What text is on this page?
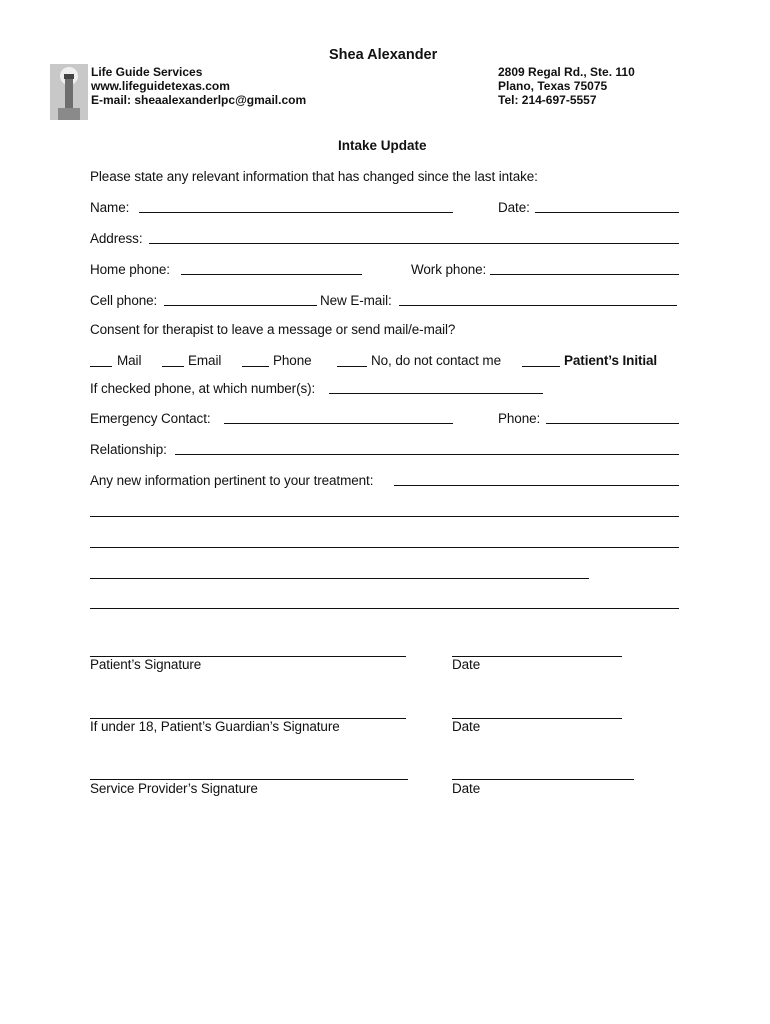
Shea Alexander
Life Guide Services
www.lifeguidetexas.com
E-mail: sheaalexanderlpc@gmail.com
2809 Regal Rd., Ste. 110
Plano, Texas 75075
Tel: 214-697-5557
Intake Update
Please state any relevant information that has changed since the last intake:
Name:	Date:
Address:
Home phone:	Work phone:
Cell phone:	New E-mail:
Consent for therapist to leave a message or send mail/e-mail?
Mail	Email	Phone	No, do not contact me	Patient’s Initial
If checked phone, at which number(s):
Emergency Contact:	Phone:
Relationship:
Any new information pertinent to your treatment:
Patient’s Signature	Date
If under 18, Patient’s Guardian’s Signature	Date
Service Provider’s Signature	Date
